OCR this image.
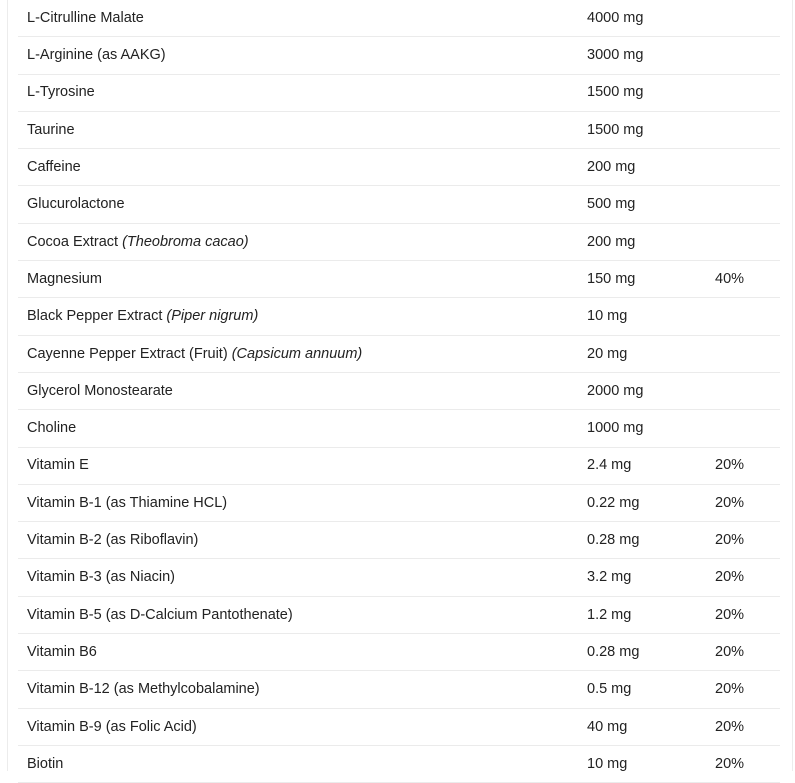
L-Citrulline Malate	4000 mg	
L-Arginine (as AAKG)	3000 mg	
L-Tyrosine	1500 mg	
Taurine	1500 mg	
Caffeine	200 mg	
Glucurolactone	500 mg	
Cocoa Extract (Theobroma cacao)	200 mg	
Magnesium	150 mg	40%
Black Pepper Extract (Piper nigrum)	10 mg	
Cayenne Pepper Extract (Fruit) (Capsicum annuum)	20 mg	
Glycerol Monostearate	2000 mg	
Choline	1000 mg	
Vitamin E	2.4 mg	20%
Vitamin B-1 (as Thiamine HCL)	0.22 mg	20%
Vitamin B-2 (as Riboflavin)	0.28 mg	20%
Vitamin B-3 (as Niacin)	3.2 mg	20%
Vitamin B-5 (as D-Calcium Pantothenate)	1.2 mg	20%
Vitamin B6	0.28 mg	20%
Vitamin B-12 (as Methylcobalamine)	0.5 mg	20%
Vitamin B-9 (as Folic Acid)	40 mg	20%
Biotin	10 mg	20%
